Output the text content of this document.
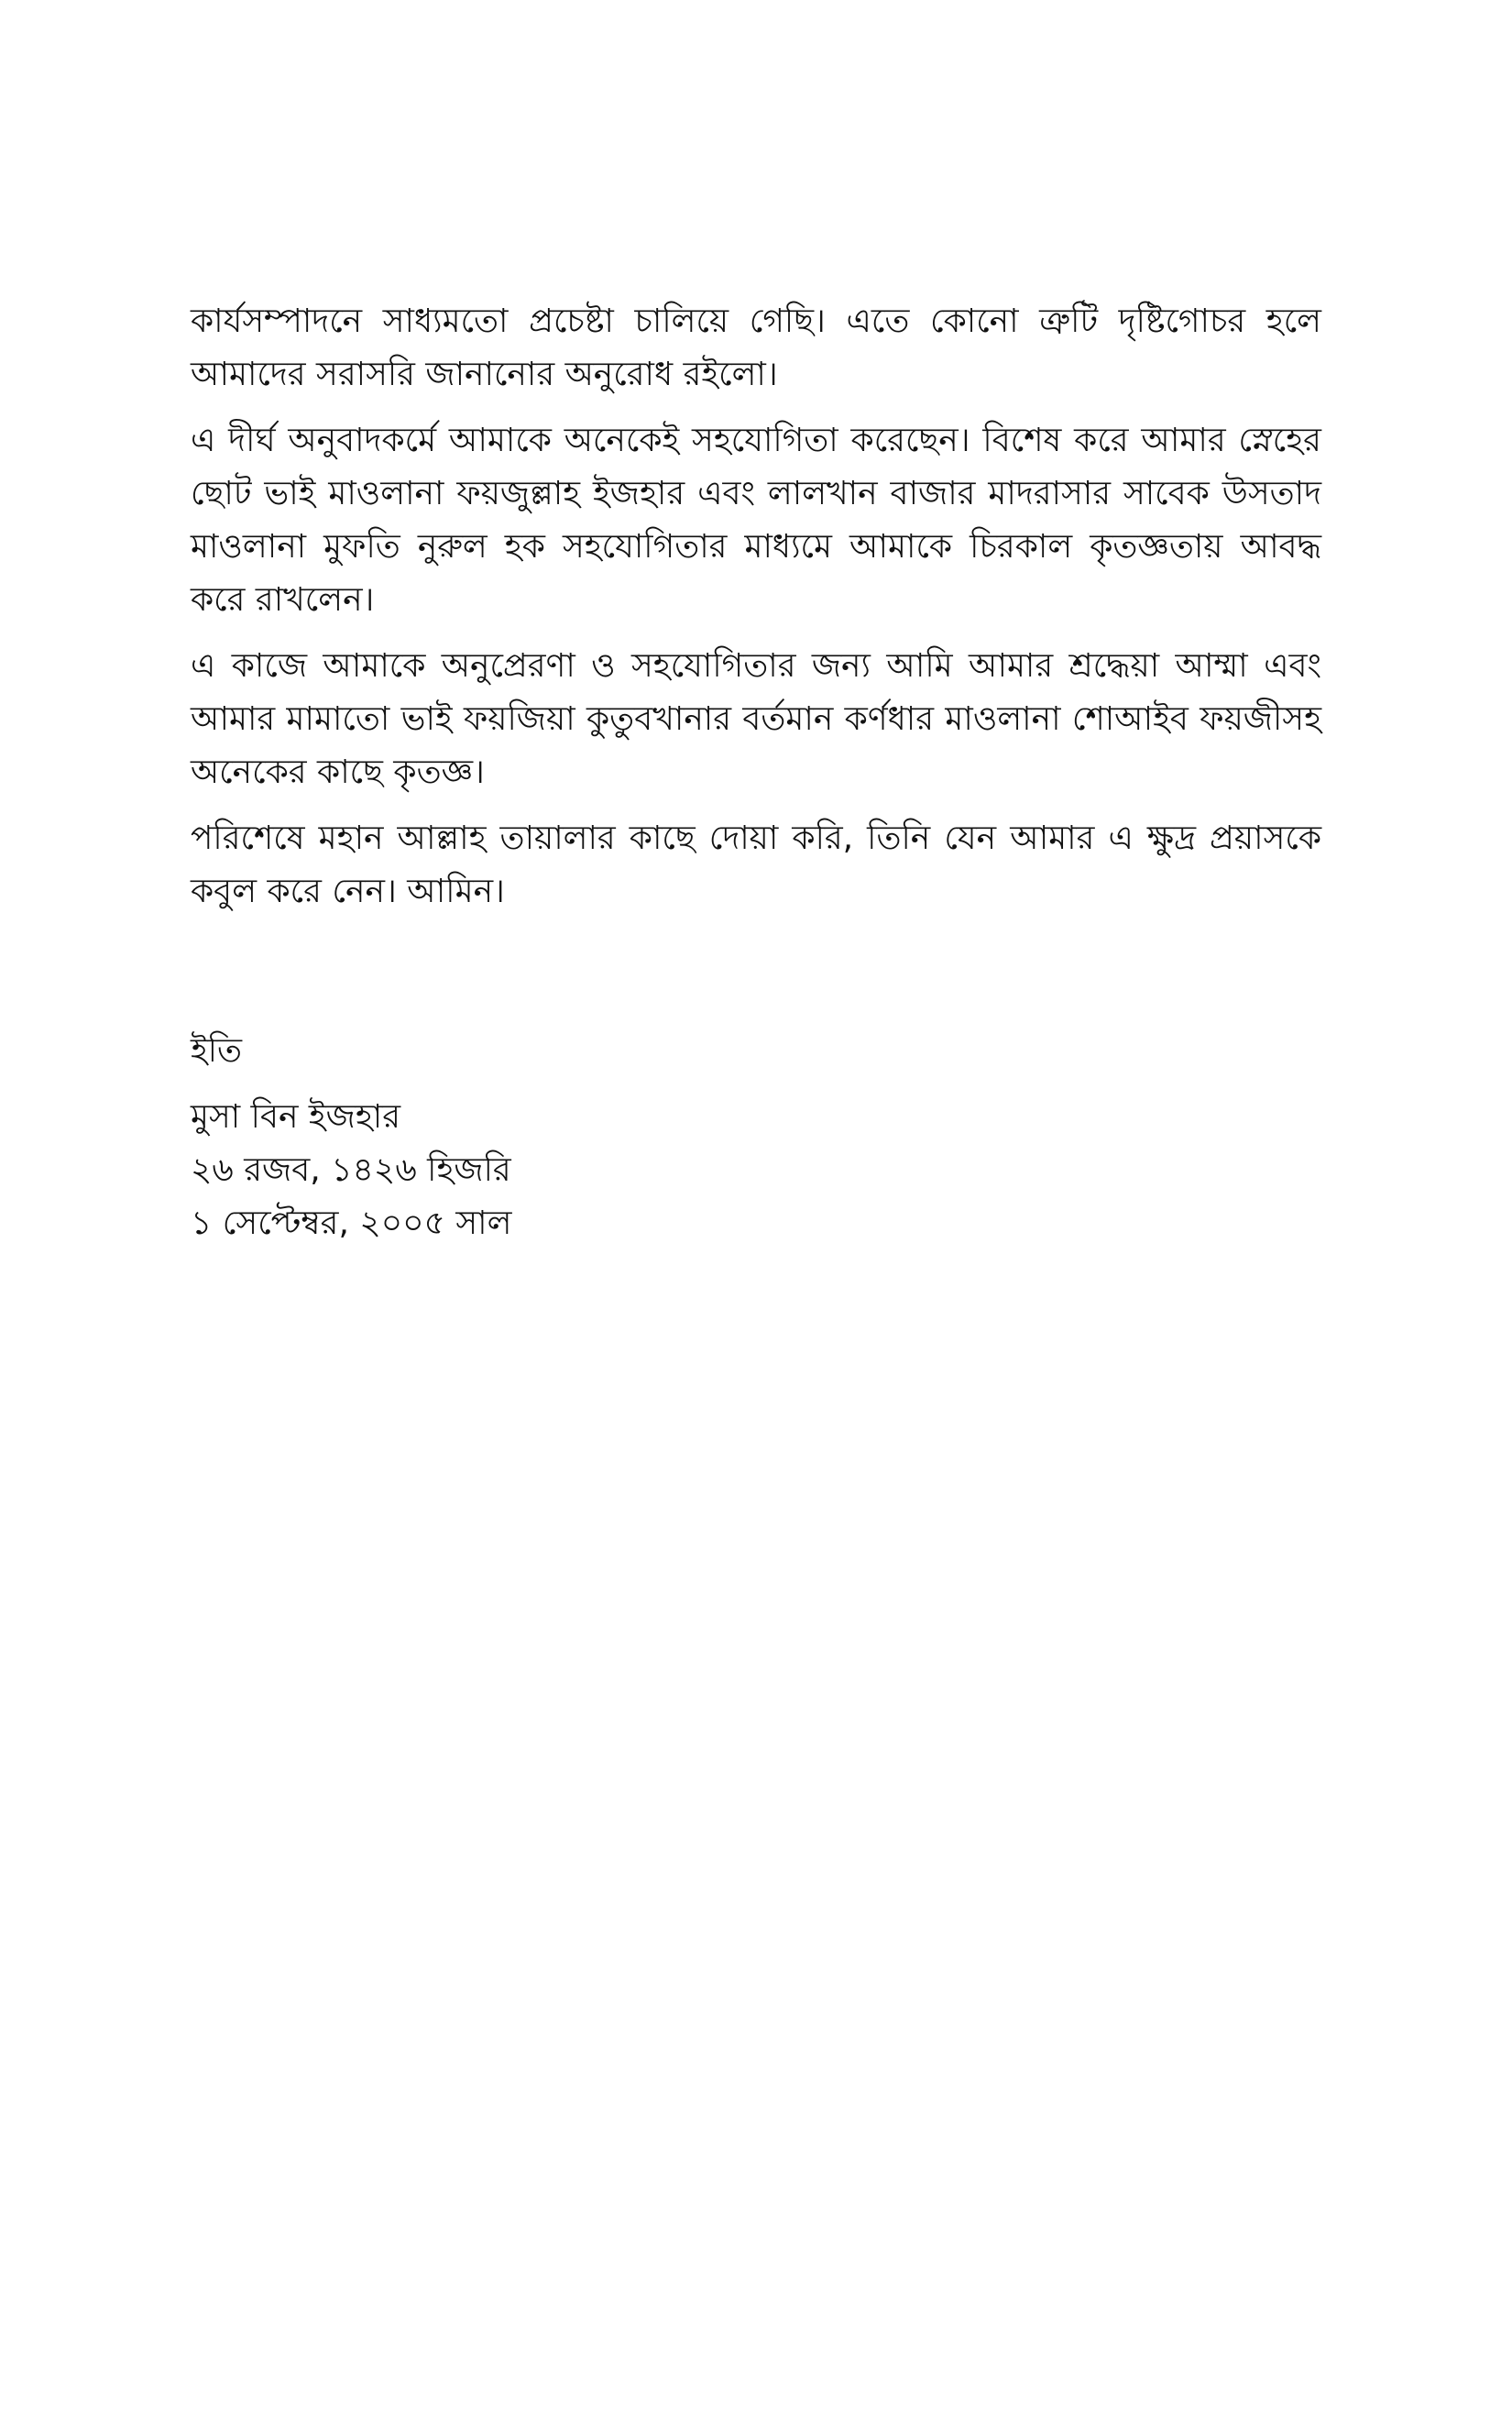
কার্যসম্পাদনে সাধ্যমতো প্রচেষ্টা চালিয়ে গেছি। এতে কোনো ত্রুটি দৃষ্টিগোচর হলে আমাদের সরাসরি জানানোর অনুরোধ রইলো।

এ দীর্ঘ অনুবাদকর্মে আমাকে অনেকেই সহযোগিতা করেছেন। বিশেষ করে আমার স্নেহের ছোট ভাই মাওলানা ফয়জুল্লাহ ইজহার এবং লালখান বাজার মাদরাসার সাবেক উসতাদ মাওলানা মুফতি নুরুল হক সহযোগিতার মাধ্যমে আমাকে চিরকাল কৃতজ্ঞতায় আবদ্ধ করে রাখলেন।

এ কাজে আমাকে অনুপ্রেরণা ও সহযোগিতার জন্য আমি আমার শ্রদ্ধেয়া আম্মা এবং আমার মামাতো ভাই ফয়জিয়া কুতুবখানার বর্তমান কর্ণধার মাওলানা শোআইব ফয়জীসহ অনেকের কাছে কৃতজ্ঞ।

পরিশেষে মহান আল্লাহ তায়ালার কাছে দোয়া করি, তিনি যেন আমার এ ক্ষুদ্র প্রয়াসকে কবুল করে নেন। আমিন।

ইতি

মুসা বিন ইজহার

২৬ রজব, ১৪২৬ হিজরি

১ সেপ্টেম্বর, ২০০৫ সাল
